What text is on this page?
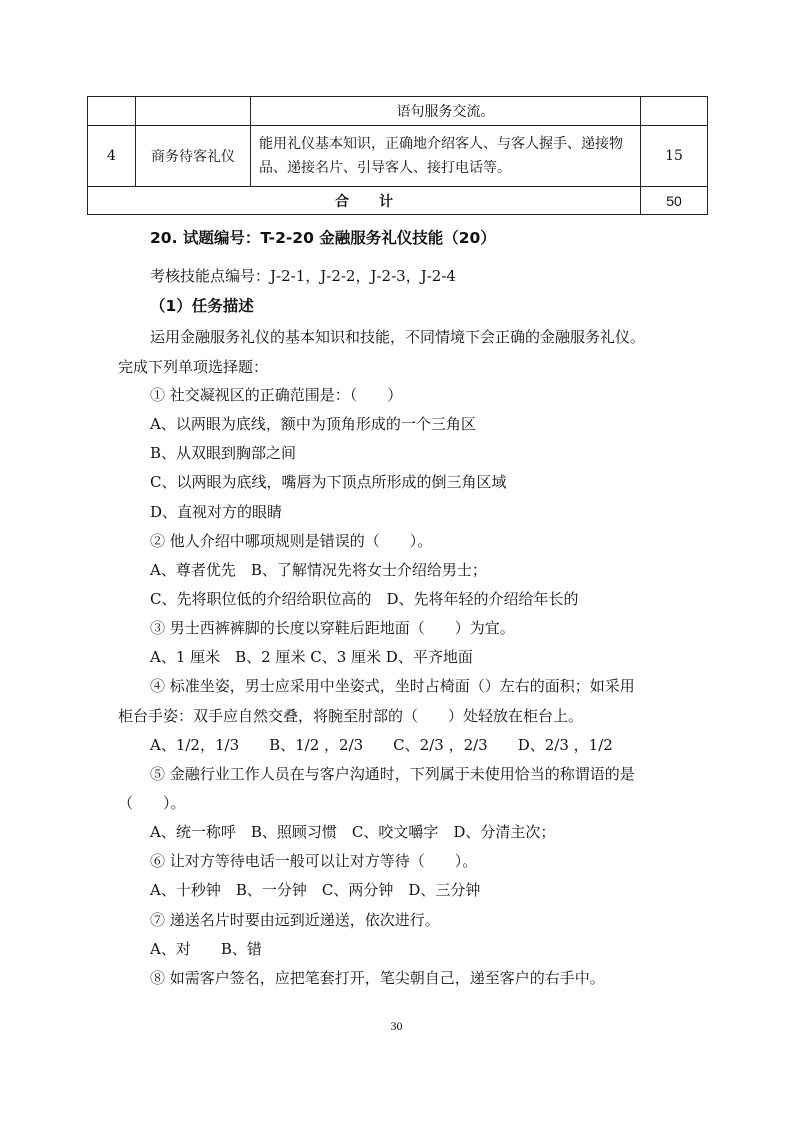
		语句服务交流。	
4	商务待客礼仪	能用礼仪基本知识，正确地介绍客人、与客人握手、递接物品、递接名片、引导客人、接打电话等。	15
合计			50
20. 试题编号：T-2-20 金融服务礼仪技能（20）
考核技能点编号：J-2-1，J-2-2，J-2-3，J-2-4
（1）任务描述
运用金融服务礼仪的基本知识和技能，不同情境下会正确的金融服务礼仪。
完成下列单项选择题：
① 社交凝视区的正确范围是：（　　）
A、以两眼为底线，额中为顶角形成的一个三角区
B、从双眼到胸部之间
C、以两眼为底线，嘴唇为下顶点所形成的倒三角区域
D、直视对方的眼睛
② 他人介绍中哪项规则是错误的（　　）。
A、尊者优先　B、了解情况先将女士介绍给男士；
C、先将职位低的介绍给职位高的　D、先将年轻的介绍给年长的
③ 男士西裤裤脚的长度以穿鞋后距地面（　　）为宜。
A、1 厘米　B、2 厘米 C、3 厘米 D、平齐地面
④ 标准坐姿，男士应采用中坐姿式，坐时占椅面（）左右的面积；如采用
柜台手姿：双手应自然交叠，将腕至肘部的（　　）处轻放在柜台上。
A、1/2，1/3　　B、1/2 ，2/3　　C、2/3 ，2/3　　D、2/3 ，1/2
⑤ 金融行业工作人员在与客户沟通时，下列属于未使用恰当的称谓语的是
（　　）。
A、统一称呼　B、照顾习惯　C、咬文嚼字　D、分清主次；
⑥ 让对方等待电话一般可以让对方等待（　　）。
A、十秒钟　B、一分钟　C、两分钟　D、三分钟
⑦ 递送名片时要由远到近递送，依次进行。
A、对　　B、错
⑧ 如需客户签名，应把笔套打开，笔尖朝自己，递至客户的右手中。
30
